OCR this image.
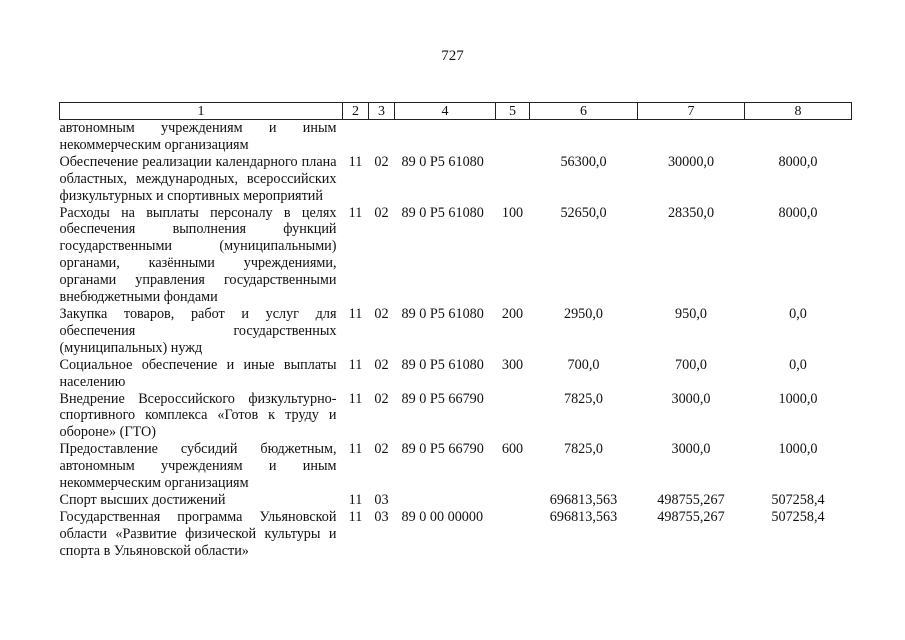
727
1	2	3	4	5	6	7	8
автономным учреждениям и иным некоммерческим организациям							
Обеспечение реализации календарного плана областных, международных, всероссийских физкультурных и спортивных мероприятий	11	02	89 0 Р5 61080		56300,0	30000,0	8000,0
Расходы на выплаты персоналу в целях обеспечения выполнения функций государственными (муниципальными) органами, казёнными учреждениями, органами управления государственными внебюджетными фондами	11	02	89 0 Р5 61080	100	52650,0	28350,0	8000,0
Закупка товаров, работ и услуг для обеспечения государственных (муниципальных) нужд	11	02	89 0 Р5 61080	200	2950,0	950,0	0,0
Социальное обеспечение и иные выплаты населению	11	02	89 0 Р5 61080	300	700,0	700,0	0,0
Внедрение Всероссийского физкультурно-спортивного комплекса «Готов к труду и обороне» (ГТО)	11	02	89 0 Р5 66790		7825,0	3000,0	1000,0
Предоставление субсидий бюджетным, автономным учреждениям и иным некоммерческим организациям	11	02	89 0 Р5 66790	600	7825,0	3000,0	1000,0
Спорт высших достижений	11	03			696813,563	498755,267	507258,4
Государственная программа Ульяновской области «Развитие физической культуры и спорта в Ульяновской области»	11	03	89 0 00 00000		696813,563	498755,267	507258,4
